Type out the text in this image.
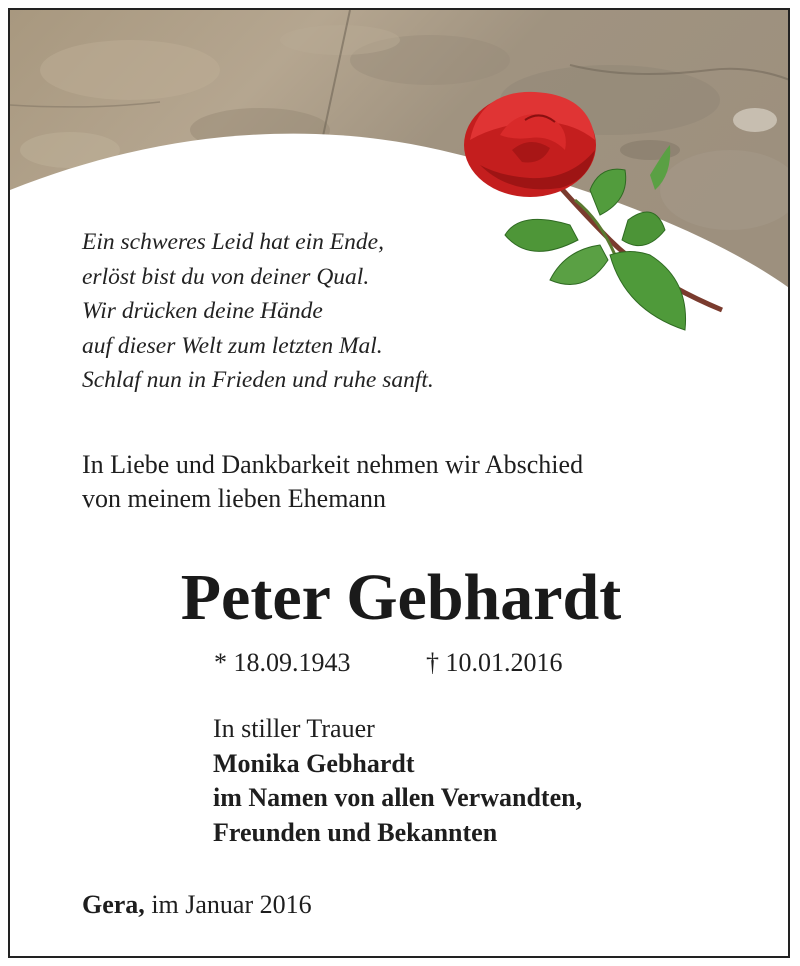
Ein schweres Leid hat ein Ende,
erlöst bist du von deiner Qual.
Wir drücken deine Hände
auf dieser Welt zum letzten Mal.
Schlaf nun in Frieden und ruhe sanft.
In Liebe und Dankbarkeit nehmen wir Abschied
von meinem lieben Ehemann
Peter Gebhardt
* 18.09.1943	† 10.01.2016
In stiller Trauer
Monika Gebhardt
im Namen von allen Verwandten,
Freunden und Bekannten
Gera, im Januar 2016
